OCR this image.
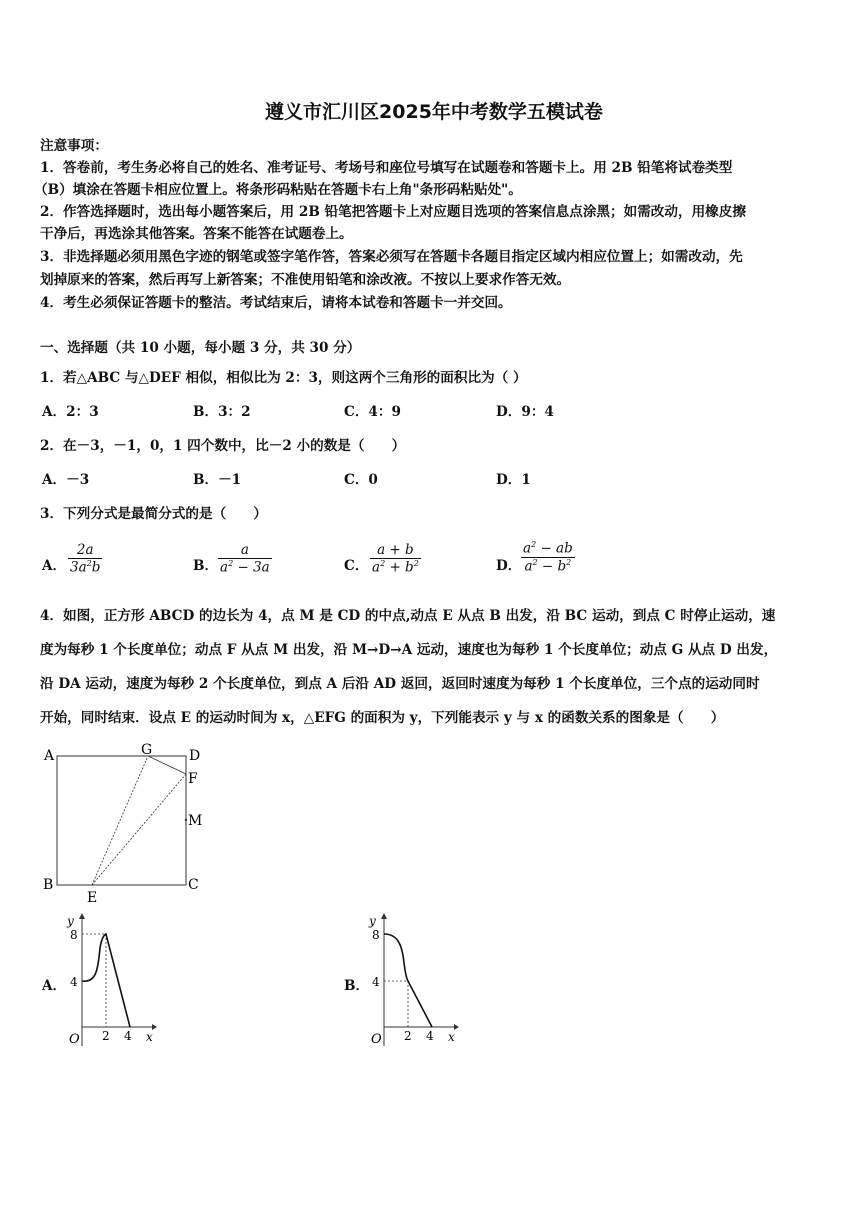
遵义市汇川区2025年中考数学五模试卷
注意事项：
1．答卷前，考生务必将自己的姓名、准考证号、考场号和座位号填写在试题卷和答题卡上。用 2B 铅笔将试卷类型
（B）填涂在答题卡相应位置上。将条形码粘贴在答题卡右上角"条形码粘贴处"。
2．作答选择题时，选出每小题答案后，用 2B 铅笔把答题卡上对应题目选项的答案信息点涂黑；如需改动，用橡皮擦
干净后，再选涂其他答案。答案不能答在试题卷上。
3．非选择题必须用黑色字迹的钢笔或签字笔作答，答案必须写在答题卡各题目指定区域内相应位置上；如需改动，先
划掉原来的答案，然后再写上新答案；不准使用铅笔和涂改液。不按以上要求作答无效。
4．考生必须保证答题卡的整洁。考试结束后，请将本试卷和答题卡一并交回。
一、选择题（共 10 小题，每小题 3 分，共 30 分）
1．若△ABC 与△DEF 相似，相似比为 2：3，则这两个三角形的面积比为（ ）
A．2：3	B．3：2	C．4：9	D．9：4
2．在－3，－1，0，1 四个数中，比－2 小的数是（　　）
A．－3	B．－1	C．0	D．1
3．下列分式是最简分式的是（　　）
A． $\frac{2a}{3a^2b}$	B． $\frac{a}{a^2 - 3a}$	C． $\frac{a + b}{a^2 + b^2}$	D． $\frac{a^2 - ab}{a^2 - b^2}$
4．如图，正方形 ABCD 的边长为 4，点 M 是 CD 的中点,动点 E 从点 B 出发，沿 BC 运动，到点 C 时停止运动，速
度为每秒 1 个长度单位；动点 F 从点 M 出发，沿 M→D→A 远动，速度也为每秒 1 个长度单位；动点 G 从点 D 出发，
沿 DA 运动，速度为每秒 2 个长度单位，到点 A 后沿 AD 返回，返回时速度为每秒 1 个长度单位，三个点的运动同时
开始，同时结束．设点 E 的运动时间为 x，△EFG 的面积为 y，下列能表示 y 与 x 的函数关系的图象是（　　）
A	G	D
F
M
B	C
E
A．
y
8
4
O 2 4 x
B．
y
8
4
O 2 4 x
